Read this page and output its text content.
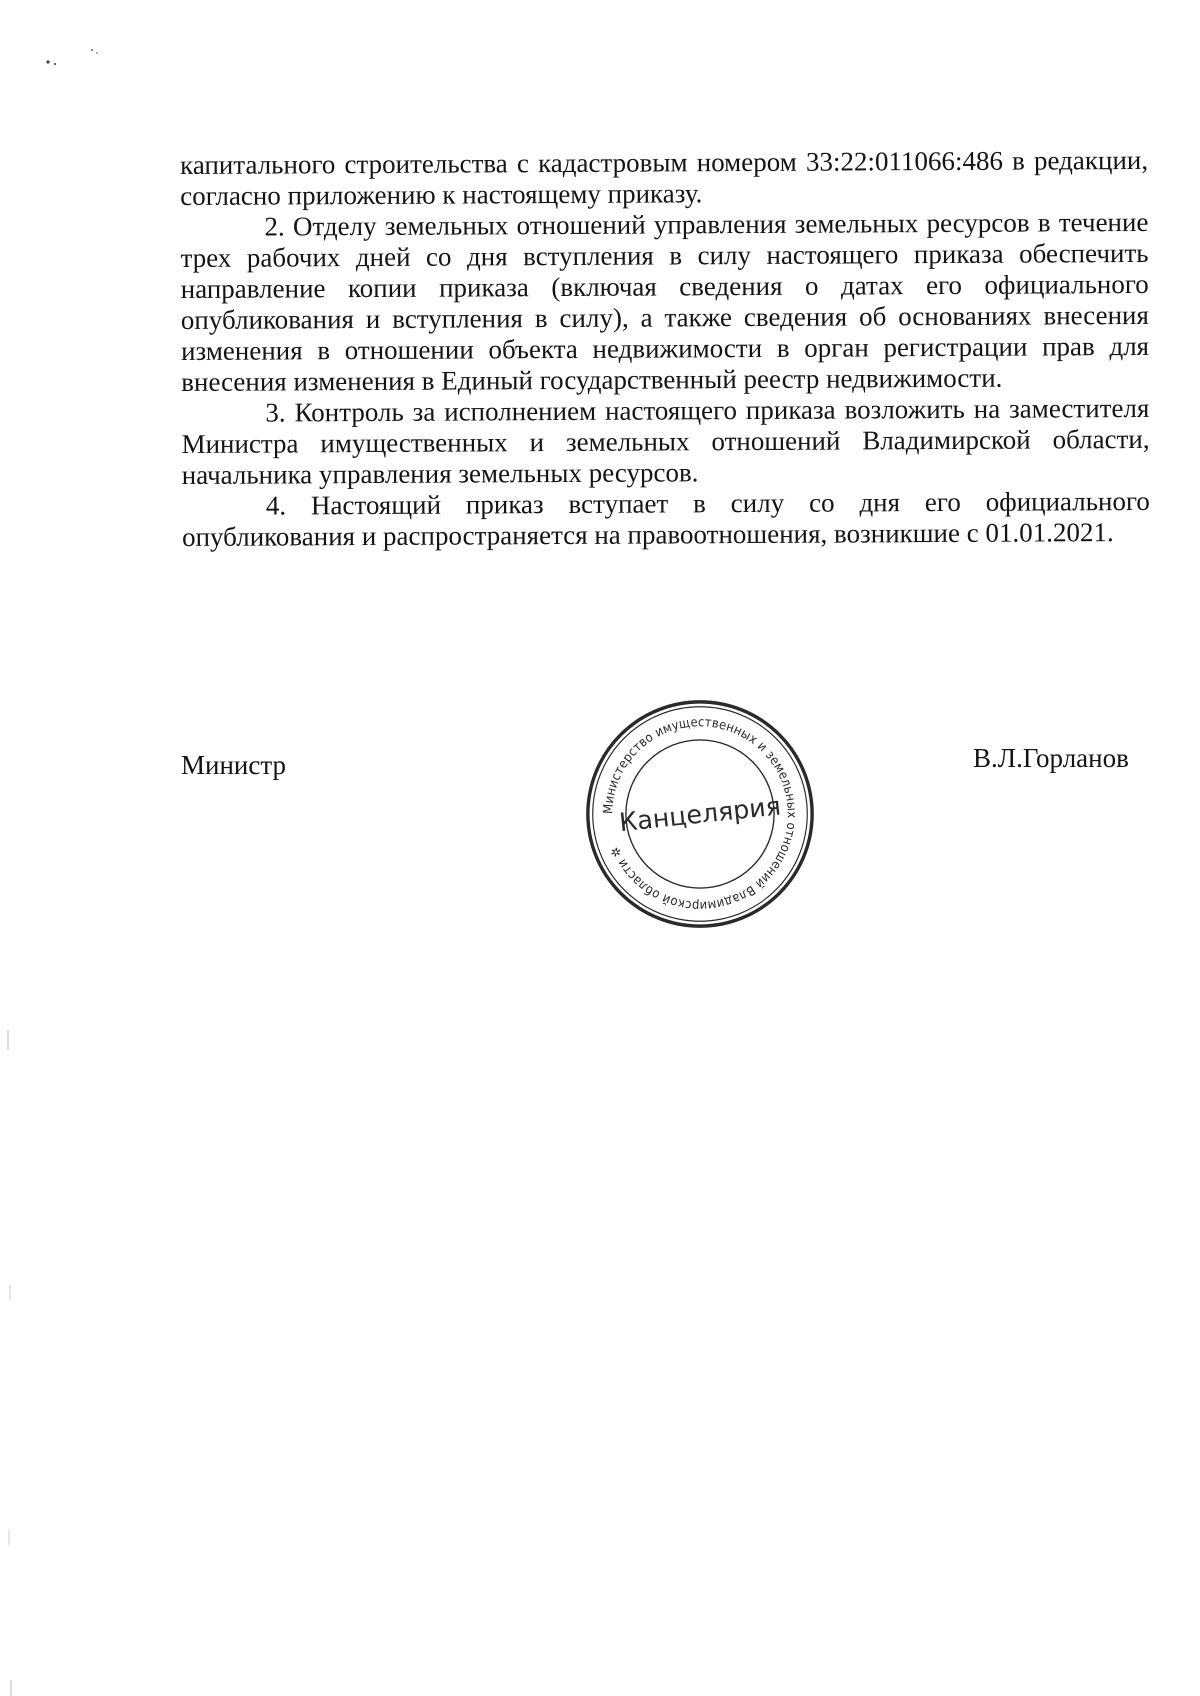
капитального строительства с кадастровым номером 33:22:011066:486 в редакции, согласно приложению к настоящему приказу.

2. Отделу земельных отношений управления земельных ресурсов в течение трех рабочих дней со дня вступления в силу настоящего приказа обеспечить направление копии приказа (включая сведения о датах его официального опубликования и вступления в силу), а также сведения об основаниях внесения изменения в отношении объекта недвижимости в орган регистрации прав для внесения изменения в Единый государственный реестр недвижимости.

3. Контроль за исполнением настоящего приказа возложить на заместителя Министра имущественных и земельных отношений Владимирской области, начальника управления земельных ресурсов.

4. Настоящий приказ вступает в силу со дня его официального опубликования и распространяется на правоотношения, возникшие с 01.01.2021.

Министр	В.Л.Горланов
Министерство имущественных и земельных отношений Владимирской области ✲
Канцелярия
